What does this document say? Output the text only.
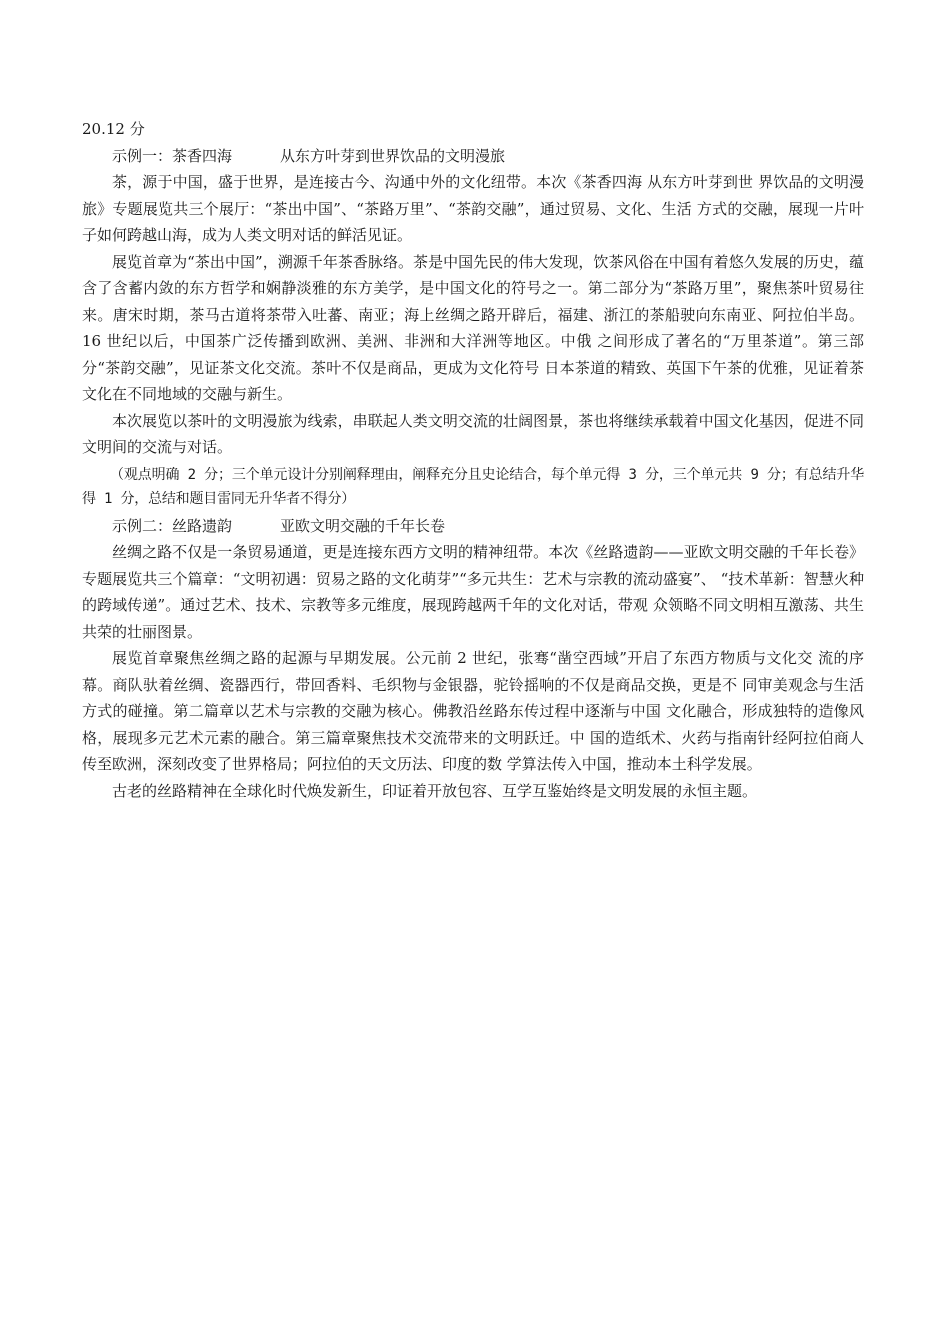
20.12 分

示例一：茶香四海	从东方叶芽到世界饮品的文明漫旅

茶，源于中国，盛于世界，是连接古今、沟通中外的文化纽带。本次《茶香四海 从东方叶芽到世 界饮品的文明漫旅》专题展览共三个展厅：“茶出中国”、“茶路万里”、“茶韵交融”，通过贸易、文化、生活 方式的交融，展现一片叶子如何跨越山海，成为人类文明对话的鲜活见证。

展览首章为“茶出中国”，溯源千年茶香脉络。茶是中国先民的伟大发现，饮茶风俗在中国有着悠久发展的历史，蕴含了含蓄内敛的东方哲学和娴静淡雅的东方美学，是中国文化的符号之一。第二部分为“茶路万里”，聚焦茶叶贸易往来。唐宋时期，茶马古道将茶带入吐蕃、南亚；海上丝绸之路开辟后，福建、浙江的茶船驶向东南亚、阿拉伯半岛。16 世纪以后，中国茶广泛传播到欧洲、美洲、非洲和大洋洲等地区。中俄 之间形成了著名的“万里茶道”。第三部分“茶韵交融”，见证茶文化交流。茶叶不仅是商品，更成为文化符号 日本茶道的精致、英国下午茶的优雅，见证着茶文化在不同地域的交融与新生。

本次展览以茶叶的文明漫旅为线索，串联起人类文明交流的壮阔图景，茶也将继续承载着中国文化基因，促进不同文明间的交流与对话。

（观点明确 2 分；三个单元设计分别阐释理由，阐释充分且史论结合，每个单元得 3 分，三个单元共 9 分；有总结升华得 1 分，总结和题目雷同无升华者不得分）

示例二：丝路遗韵	亚欧文明交融的千年长卷

丝绸之路不仅是一条贸易通道，更是连接东西方文明的精神纽带。本次《丝路遗韵——亚欧文明交融的千年长卷》专题展览共三个篇章：“文明初遇：贸易之路的文化萌芽”“多元共生：艺术与宗教的流动盛宴”、 “技术革新：智慧火种的跨域传递”。通过艺术、技术、宗教等多元维度，展现跨越两千年的文化对话，带观 众领略不同文明相互激荡、共生共荣的壮丽图景。

展览首章聚焦丝绸之路的起源与早期发展。公元前 2 世纪，张骞“凿空西域”开启了东西方物质与文化交 流的序幕。商队驮着丝绸、瓷器西行，带回香料、毛织物与金银器，驼铃摇响的不仅是商品交换，更是不 同审美观念与生活方式的碰撞。第二篇章以艺术与宗教的交融为核心。佛教沿丝路东传过程中逐渐与中国 文化融合，形成独特的造像风格，展现多元艺术元素的融合。第三篇章聚焦技术交流带来的文明跃迁。中 国的造纸术、火药与指南针经阿拉伯商人传至欧洲，深刻改变了世界格局；阿拉伯的天文历法、印度的数 学算法传入中国，推动本土科学发展。

古老的丝路精神在全球化时代焕发新生，印证着开放包容、互学互鉴始终是文明发展的永恒主题。
